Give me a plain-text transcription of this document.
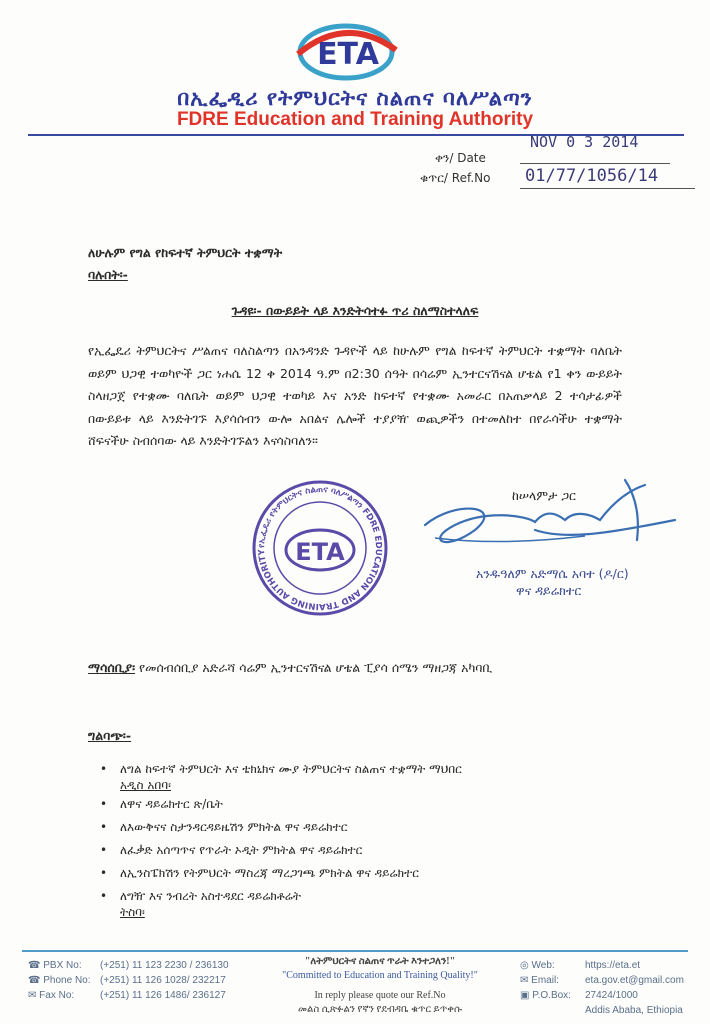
ETA
በኢፌዲሪ የትምህርትና ስልጠና ባለሥልጣን
FDRE Education and Training Authority
ቀን/ Date
NOV 0 3 2014
ቁጥር/ Ref.No 01/77/1056/14
ለሁሉም የግል የከፍተኛ ትምህርት ተቋማት
ባሉበት፡-
ጉዳዩ፡- በውይይት ላይ እንድትሳተፉ ጥሪ ስለማስተላለፍ
የኢፌዴሪ ትምህርትና ሥልጠና ባለስልጣን በአንዳንድ ጉዳዮች ላይ ከሁሉም የግል ከፍተኛ ትምህርት ተቋማት ባለቤት ወይም ህጋዊ ተወካዮች ጋር ነሐሴ 12 ቀ 2014 ዓ.ም በ2:30 ሰዓት በሳሬም ኢንተርናሽናል ሆቴል የ1 ቀን ውይይት ስላዘጋጀ የተቋሙ ባለቤት ወይም ህጋዊ ተወካይ እና አንድ ከፍተኛ የተቋሙ አመራር በአጠቃላይ 2 ተሳታፊዎች በውይይቱ ላይ እንድትገኙ እያሳሰብን ውሎ አበልና ሌሎች ተያያዥ ወጪዎችን በተመለከተ በየራሳችሁ ተቋማት ሸፍናችሁ ስብሰባው ላይ እንድትገኙልን እናሳስባለን፡፡
ከሠላምታ ጋር
አንዱዓለም አድማሴ አባተ (ዶ/ር)
ዋና ዳይሬክተር
የኢፌዴሪ የትምህርትና ስልጠና ባለሥልጣን FDRE EDUCATION AND TRAINING AUTHORITY	ETA
ማሳሰቢያ፡ የመሰብሰቢያ አድራሻ ሳሬም ኢንተርናሽናል ሆቴል ፒያሳ ሰሜን ማዘጋጃ አካባቢ
ግልባጭ፡-
• ለግል ከፍተኛ ትምህርት እና ቴክኒክና ሙያ ትምህርትና ስልጠና ተቋማት ማህበር
አዲስ አበባ፡
• ለዋና ዳይሬክተር ጽ/ቤት
• ለእውቅናና ስታንዳርዳይዜሽን ምክትል ዋና ዳይሬክተር
• ለፈቃድ አሰጣጥና የጥራት ኦዲት ምክትል ዋና ዳይሬክተር
• ለኢንስፔክሽን የትምህርት ማስረጃ ማረጋገጫ ምክትል ዋና ዳይሬክተር
• ለግዥ እና ንብረት አስተዳደር ዳይሬክቶሬት
ትስባ፡
☎ PBX No: (+251) 11 123 2230 / 236130
☎ Phone No: (+251) 11 126 1028/ 232217
✉ Fax No:	(+251) 11 126 1486/ 236127
"ለትምህርትና ስልጠና ጥራት እንተጋለን!"
"Committed to Education and Training Quality!"
In reply please quote our Ref.No
መልስ ሲጽፉልን የኛን የደብዳቤ ቁጥር ይጥቀሱ
◎ Web:	https://eta.et
✉ Email:	eta.gov.et@gmail.com
▣ P.O.Box: 27424/1000
Addis Ababa, Ethiopia
